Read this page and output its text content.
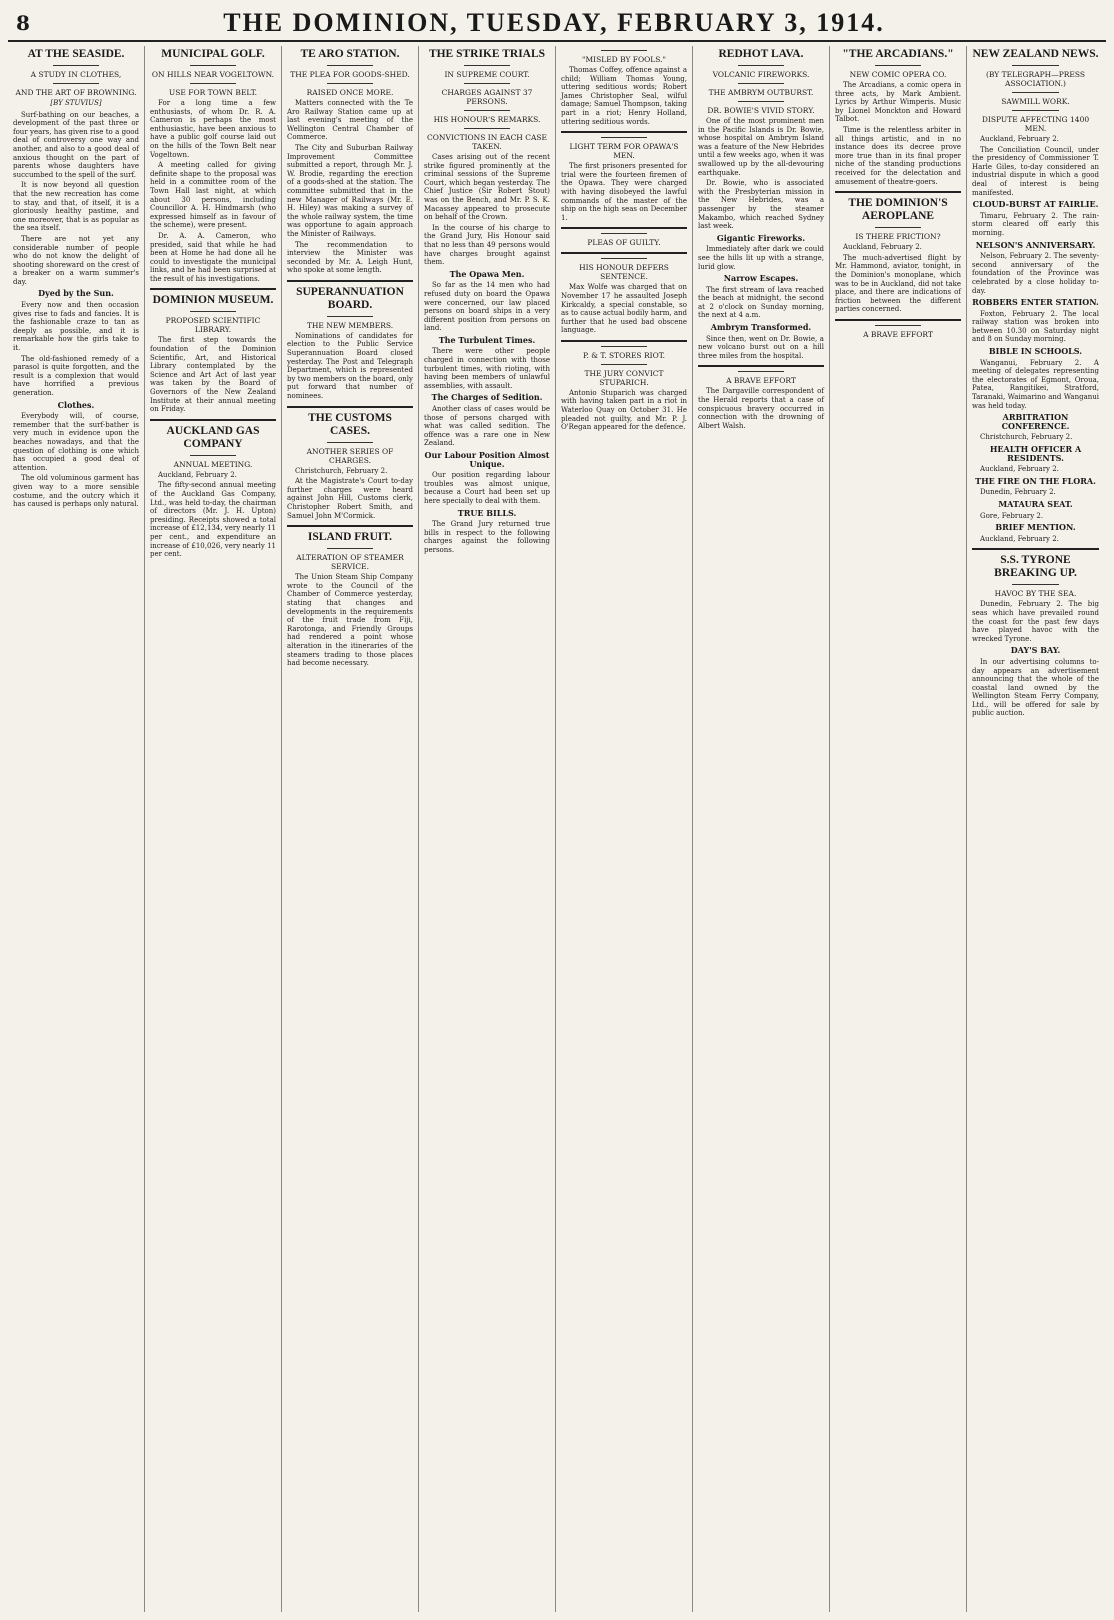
8	THE DOMINION, TUESDAY, FEBRUARY 3, 1914.
AT THE SEASIDE.
A STUDY IN CLOTHES,
AND THE ART OF BROWNING.
[BY STUVIUS]

Surf-bathing on our beaches, a development of the past three or four years, has given rise to a good deal of controversy one way and another, and also to a good deal of anxious thought on the part of parents whose daughters have succumbed to the spell of the surf.

It is now beyond all question that the new recreation has come to stay, and that, of itself, it is a gloriously healthy pastime, and one moreover, that is as popular as the sea itself.

There are not yet any considerable number of people who do not know the delight of shooting shoreward on the crest of a breaker on a warm summer's day.

Dyed by the Sun.

Every now and then occasion gives rise to fads and fancies. It is the fashionable craze to tan as deeply as possible, and it is remarkable how the girls take to it.

The old-fashioned remedy of a parasol is quite forgotten, and the result is a complexion that would have horrified a previous generation.

Clothes.

Everybody will, of course, remember that the surf-bather is very much in evidence upon the beaches nowadays, and that the question of clothing is one which has occupied a good deal of attention.

The old voluminous garment has given way to a more sensible costume, and the outcry which it has caused is perhaps only natural.

MUNICIPAL GOLF.
ON HILLS NEAR VOGELTOWN.
USE FOR TOWN BELT.

For a long time a few enthusiasts, of whom Dr. R. A. Cameron is perhaps the most enthusiastic, have been anxious to have a public golf course laid out on the hills of the Town Belt near Vogeltown.

A meeting called for giving definite shape to the proposal was held in a committee room of the Town Hall last night, at which about 30 persons, including Councillor A. H. Hindmarsh (who expressed himself as in favour of the scheme), were present.

Dr. A. A. Cameron, who presided, said that while he had been at Home he had done all he could to investigate the municipal links, and he had been surprised at the result of his investigations.

DOMINION MUSEUM.
PROPOSED SCIENTIFIC LIBRARY.

The first step towards the foundation of the Dominion Scientific, Art, and Historical Library contemplated by the Science and Art Act of last year was taken by the Board of Governors of the New Zealand Institute at their annual meeting on Friday.

AUCKLAND GAS COMPANY
ANNUAL MEETING.

Auckland, February 2.

The fifty-second annual meeting of the Auckland Gas Company, Ltd., was held to-day, the chairman of directors (Mr. J. H. Upton) presiding. Receipts showed a total increase of £12,134, very nearly 11 per cent., and expenditure an increase of £10,026, very nearly 11 per cent.

TE ARO STATION.
THE PLEA FOR GOODS-SHED.
RAISED ONCE MORE.

Matters connected with the Te Aro Railway Station came up at last evening's meeting of the Wellington Central Chamber of Commerce.

The City and Suburban Railway Improvement Committee submitted a report, through Mr. J. W. Brodie, regarding the erection of a goods-shed at the station. The committee submitted that in the new Manager of Railways (Mr. E. H. Hiley) was making a survey of the whole railway system, the time was opportune to again approach the Minister of Railways.

The recommendation to interview the Minister was seconded by Mr. A. Leigh Hunt, who spoke at some length.

SUPERANNUATION BOARD.
THE NEW MEMBERS.

Nominations of candidates for election to the Public Service Superannuation Board closed yesterday. The Post and Telegraph Department, which is represented by two members on the board, only put forward that number of nominees.

THE CUSTOMS CASES.
ANOTHER SERIES OF CHARGES.

Christchurch, February 2.

At the Magistrate's Court to-day further charges were heard against John Hill, Customs clerk, Christopher Robert Smith, and Samuel John M'Cormick.

ISLAND FRUIT.
ALTERATION OF STEAMER SERVICE.

The Union Steam Ship Company wrote to the Council of the Chamber of Commerce yesterday, stating that changes and developments in the requirements of the fruit trade from Fiji, Rarotonga, and Friendly Groups had rendered a point whose alteration in the itineraries of the steamers trading to those places had become necessary.

THE STRIKE TRIALS
IN SUPREME COURT.
CHARGES AGAINST 37 PERSONS.
HIS HONOUR'S REMARKS.
CONVICTIONS IN EACH CASE TAKEN.

Cases arising out of the recent strike figured prominently at the criminal sessions of the Supreme Court, which began yesterday. The Chief Justice (Sir Robert Stout) was on the Bench, and Mr. P. S. K. Macassey appeared to prosecute on behalf of the Crown.

In the course of his charge to the Grand Jury, His Honour said that no less than 49 persons would have charges brought against them.

The Opawa Men.

So far as the 14 men who had refused duty on board the Opawa were concerned, our law placed persons on board ships in a very different position from persons on land.

The Turbulent Times.

There were other people charged in connection with those turbulent times, with rioting, with having been members of unlawful assemblies, with assault.

The Charges of Sedition.

Another class of cases would be those of persons charged with what was called sedition. The offence was a rare one in New Zealand.

Our Labour Position Almost Unique.

Our position regarding labour troubles was almost unique, because a Court had been set up here specially to deal with them.

TRUE BILLS.

The Grand Jury returned true bills in respect to the following charges against the following persons.

"MISLED BY FOOLS."

Thomas Coffey, offence against a child; William Thomas Young, uttering seditious words; Robert James Christopher Seal, wilful damage; Samuel Thompson, taking part in a riot; Henry Holland, uttering seditious words.

LIGHT TERM FOR OPAWA'S MEN.

The first prisoners presented for trial were the fourteen firemen of the Opawa. They were charged with having disobeyed the lawful commands of the master of the ship on the high seas on December 1.

PLEAS OF GUILTY.
HIS HONOUR DEFERS SENTENCE.

Max Wolfe was charged that on November 17 he assaulted Joseph Kirkcaldy, a special constable, so as to cause actual bodily harm, and further that he used bad obscene language.

P. & T. STORES RIOT.
THE JURY CONVICT STUPARICH.

Antonio Stuparich was charged with having taken part in a riot in Waterloo Quay on October 31. He pleaded not guilty, and Mr. P. J. O'Regan appeared for the defence.

REDHOT LAVA.
VOLCANIC FIREWORKS.
THE AMBRYM OUTBURST.
DR. BOWIE'S VIVID STORY.

One of the most prominent men in the Pacific Islands is Dr. Bowie, whose hospital on Ambrym Island was a feature of the New Hebrides until a few weeks ago, when it was swallowed up by the all-devouring earthquake.

Dr. Bowie, who is associated with the Presbyterian mission in the New Hebrides, was a passenger by the steamer Makambo, which reached Sydney last week.

Gigantic Fireworks.

Immediately after dark we could see the hills lit up with a strange, lurid glow.

Narrow Escapes.

The first stream of lava reached the beach at midnight, the second at 2 o'clock on Sunday morning, the next at 4 a.m.

Ambrym Transformed.

Since then, went on Dr. Bowie, a new volcano burst out on a hill three miles from the hospital.

A BRAVE EFFORT

The Dargaville correspondent of the Herald reports that a case of conspicuous bravery occurred in connection with the drowning of Albert Walsh.

"THE ARCADIANS."
NEW COMIC OPERA CO.

The Arcadians, a comic opera in three acts, by Mark Ambient. Lyrics by Arthur Wimperis. Music by Lionel Monckton and Howard Talbot.

Time is the relentless arbiter in all things artistic, and in no instance does its decree prove more true than in its final proper niche of the standing productions received for the delectation and amusement of theatre-goers.

THE DOMINION'S AEROPLANE
IS THERE FRICTION?

Auckland, February 2.

The much-advertised flight by Mr. Hammond, aviator, tonight, in the Dominion's monoplane, which was to be in Auckland, did not take place, and there are indications of friction between the different parties concerned.

A BRAVE EFFORT
NEW ZEALAND NEWS.
(BY TELEGRAPH—PRESS ASSOCIATION.)
SAWMILL WORK.
DISPUTE AFFECTING 1400 MEN.

Auckland, February 2.

The Conciliation Council, under the presidency of Commissioner T. Harle Giles, to-day considered an industrial dispute in which a good deal of interest is being manifested.

CLOUD-BURST AT FAIRLIE.

Timaru, February 2. The rain-storm cleared off early this morning.

NELSON'S ANNIVERSARY.

Nelson, February 2. The seventy-second anniversary of the foundation of the Province was celebrated by a close holiday to-day.

ROBBERS ENTER STATION.

Foxton, February 2. The local railway station was broken into between 10.30 on Saturday night and 8 on Sunday morning.

BIBLE IN SCHOOLS.

Wanganui, February 2. A meeting of delegates representing the electorates of Egmont, Oroua, Patea, Rangitikei, Stratford, Taranaki, Waimarino and Wanganui was held today.

ARBITRATION CONFERENCE.

Christchurch, February 2.

HEALTH OFFICER A RESIDENTS.

Auckland, February 2.

THE FIRE ON THE FLORA.

Dunedin, February 2.

MATAURA SEAT.

Gore, February 2.

BRIEF MENTION.

Auckland, February 2.

S.S. TYRONE BREAKING UP.
HAVOC BY THE SEA.

Dunedin, February 2. The big seas which have prevailed round the coast for the past few days have played havoc with the wrecked Tyrone.

DAY'S BAY.

In our advertising columns to-day appears an advertisement announcing that the whole of the coastal land owned by the Wellington Steam Ferry Company, Ltd., will be offered for sale by public auction.
